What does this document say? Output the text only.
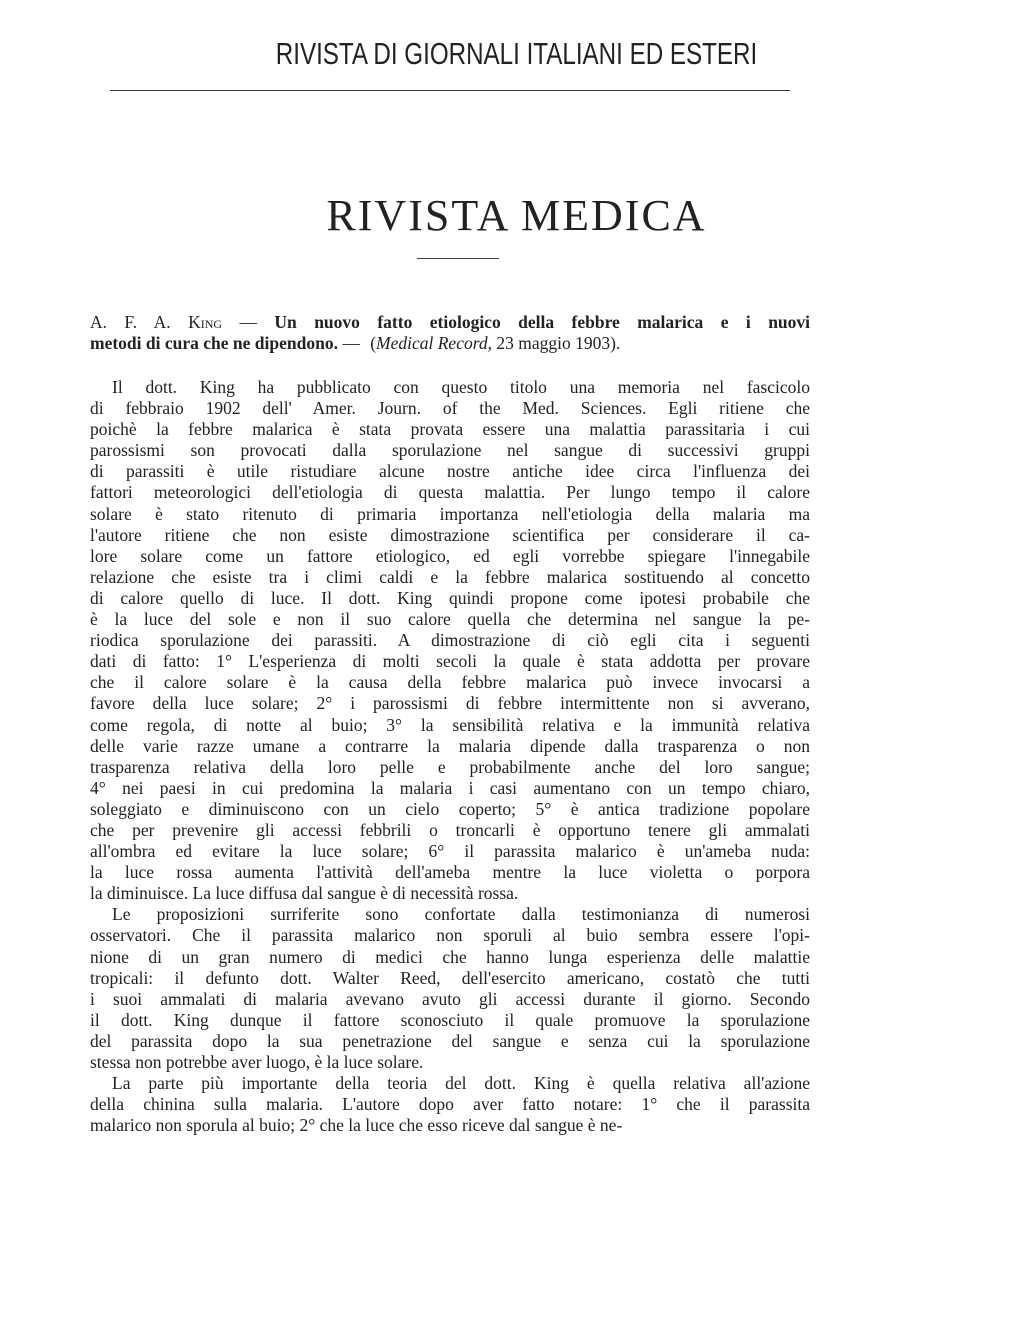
RIVISTA DI GIORNALI ITALIANI ED ESTERI
RIVISTA MEDICA
A. F. A. King — Un nuovo fatto etiologico della febbre malarica e i nuovi
metodi di cura che ne dipendono. — (Medical Record, 23 maggio 1903).
Il dott. King ha pubblicato con questo titolo una memoria nel fascicolo
di febbraio 1902 dell' Amer. Journ. of the Med. Sciences. Egli ritiene che
poichè la febbre malarica è stata provata essere una malattia parassitaria i cui
parossismi son provocati dalla sporulazione nel sangue di successivi gruppi
di parassiti è utile ristudiare alcune nostre antiche idee circa l'influenza dei
fattori meteorologici dell'etiologia di questa malattia. Per lungo tempo il calore
solare è stato ritenuto di primaria importanza nell'etiologia della malaria ma
l'autore ritiene che non esiste dimostrazione scientifica per considerare il ca-
lore solare come un fattore etiologico, ed egli vorrebbe spiegare l'innegabile
relazione che esiste tra i climi caldi e la febbre malarica sostituendo al concetto
di calore quello di luce. Il dott. King quindi propone come ipotesi probabile che
è la luce del sole e non il suo calore quella che determina nel sangue la pe-
riodica sporulazione dei parassiti. A dimostrazione di ciò egli cita i seguenti
dati di fatto: 1° L'esperienza di molti secoli la quale è stata addotta per provare
che il calore solare è la causa della febbre malarica può invece invocarsi a
favore della luce solare; 2° i parossismi di febbre intermittente non si avverano,
come regola, di notte al buio; 3° la sensibilità relativa e la immunità relativa
delle varie razze umane a contrarre la malaria dipende dalla trasparenza o non
trasparenza relativa della loro pelle e probabilmente anche del loro sangue;
4° nei paesi in cui predomina la malaria i casi aumentano con un tempo chiaro,
soleggiato e diminuiscono con un cielo coperto; 5° è antica tradizione popolare
che per prevenire gli accessi febbrili o troncarli è opportuno tenere gli ammalati
all'ombra ed evitare la luce solare; 6° il parassita malarico è un'ameba nuda:
la luce rossa aumenta l'attività dell'ameba mentre la luce violetta o porpora
la diminuisce. La luce diffusa dal sangue è di necessità rossa.
Le proposizioni surriferite sono confortate dalla testimonianza di numerosi
osservatori. Che il parassita malarico non sporuli al buio sembra essere l'opi-
nione di un gran numero di medici che hanno lunga esperienza delle malattie
tropicali: il defunto dott. Walter Reed, dell'esercito americano, costatò che tutti
i suoi ammalati di malaria avevano avuto gli accessi durante il giorno. Secondo
il dott. King dunque il fattore sconosciuto il quale promuove la sporulazione
del parassita dopo la sua penetrazione del sangue e senza cui la sporulazione
stessa non potrebbe aver luogo, è la luce solare.
La parte più importante della teoria del dott. King è quella relativa all'azione
della chinina sulla malaria. L'autore dopo aver fatto notare: 1° che il parassita
malarico non sporula al buio; 2° che la luce che esso riceve dal sangue è ne-
